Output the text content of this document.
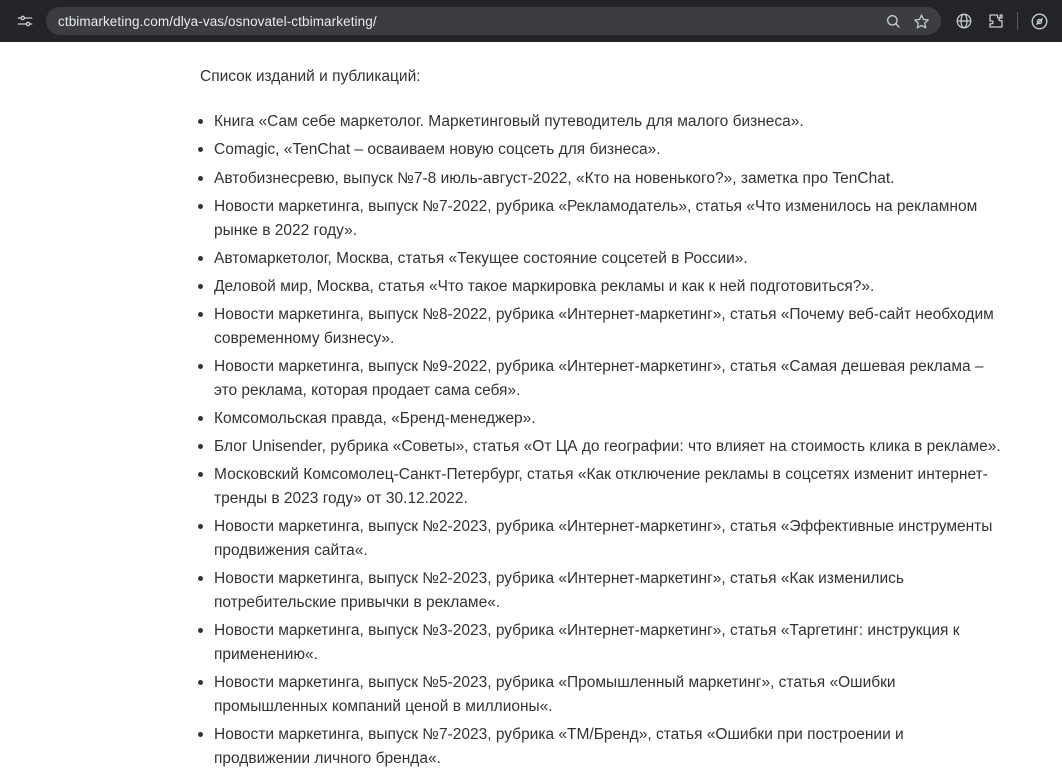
ctbimarketing.com/dlya-vas/osnovatel-ctbimarketing/

Список изданий и публикаций:

Книга «Сам себе маркетолог. Маркетинговый путеводитель для малого бизнеса».
Comagic, «TenChat – осваиваем новую соцсеть для бизнеса».
Автобизнесревю, выпуск №7-8 июль-август-2022, «Кто на новенького?», заметка про TenChat.
Новости маркетинга, выпуск №7-2022, рубрика «Рекламодатель», статья «Что изменилось на рекламном рынке в 2022 году».
Автомаркетолог, Москва, статья «Текущее состояние соцсетей в России».
Деловой мир, Москва, статья «Что такое маркировка рекламы и как к ней подготовиться?».
Новости маркетинга, выпуск №8-2022, рубрика «Интернет-маркетинг», статья «Почему веб-сайт необходим современному бизнесу».
Новости маркетинга, выпуск №9-2022, рубрика «Интернет-маркетинг», статья «Самая дешевая реклама – это реклама, которая продает сама себя».
Комсомольская правда, «Бренд-менеджер».
Блог Unisender, рубрика «Советы», статья «От ЦА до географии: что влияет на стоимость клика в рекламе».
Московский Комсомолец-Санкт-Петербург, статья «Как отключение рекламы в соцсетях изменит интернет-тренды в 2023 году» от 30.12.2022.
Новости маркетинга, выпуск №2-2023, рубрика «Интернет-маркетинг», статья «Эффективные инструменты продвижения сайта«.
Новости маркетинга, выпуск №2-2023, рубрика «Интернет-маркетинг», статья «Как изменились потребительские привычки в рекламе«.
Новости маркетинга, выпуск №3-2023, рубрика «Интернет-маркетинг», статья «Таргетинг: инструкция к применению«.
Новости маркетинга, выпуск №5-2023, рубрика «Промышленный маркетинг», статья «Ошибки промышленных компаний ценой в миллионы«.
Новости маркетинга, выпуск №7-2023, рубрика «ТМ/Бренд», статья «Ошибки при построении и продвижении личного бренда«.
